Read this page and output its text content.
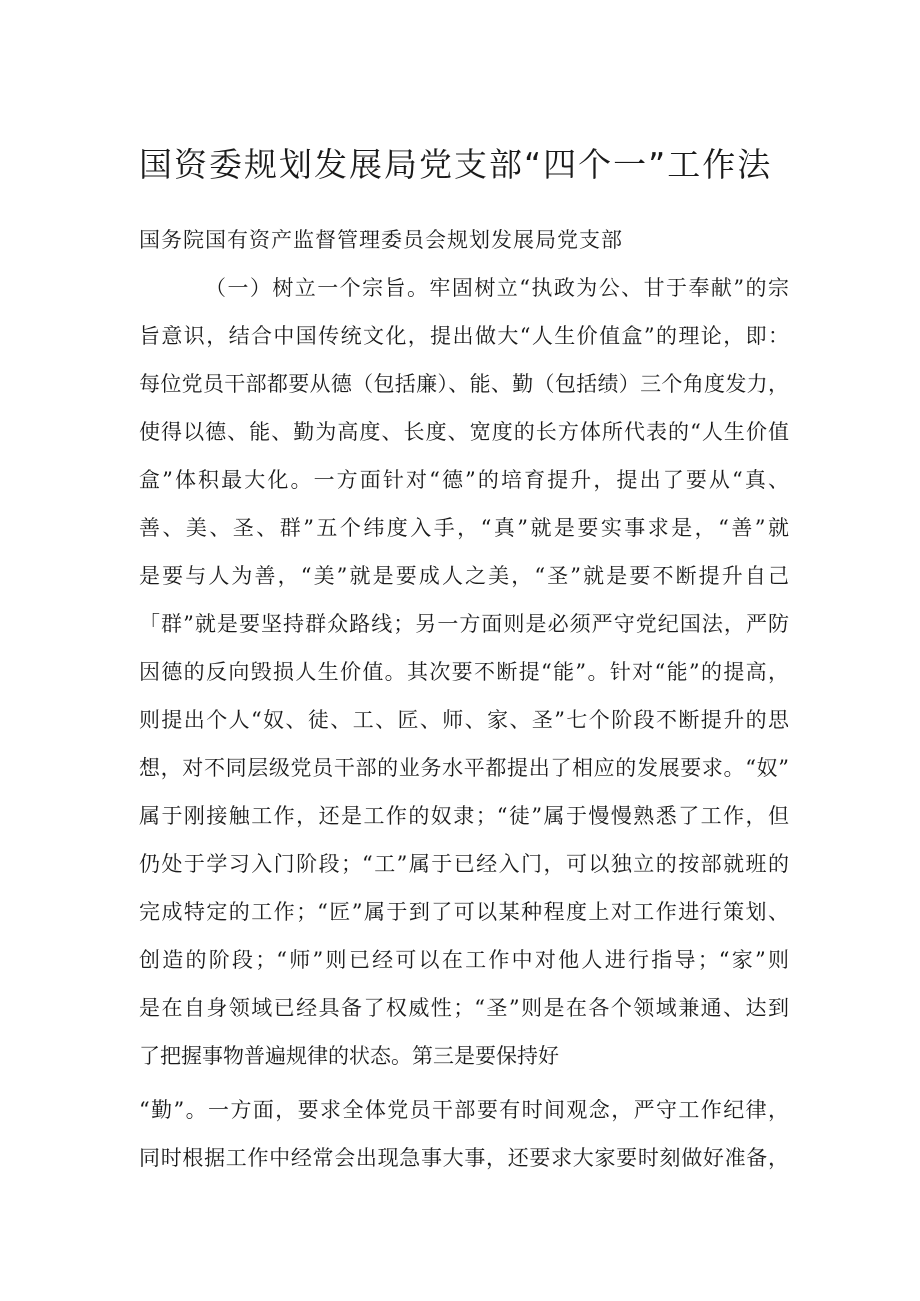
国资委规划发展局党支部“四个一”工作法
国务院国有资产监督管理委员会规划发展局党支部
（一）树立一个宗旨。牢固树立“执政为公、甘于奉献”的宗
旨意识，结合中国传统文化，提出做大“人生价值盒”的理论，即：
每位党员干部都要从德（包括廉）、能、勤（包括绩）三个角度发力，
使得以德、能、勤为高度、长度、宽度的长方体所代表的“人生价值
盒”体积最大化。一方面针对“德”的培育提升，提出了要从“真、
善、美、圣、群”五个纬度入手，“真”就是要实事求是，“善”就
是要与人为善，“美”就是要成人之美，“圣”就是要不断提升自己
「群”就是要坚持群众路线；另一方面则是必须严守党纪国法，严防
因德的反向毁损人生价值。其次要不断提“能”。针对“能”的提高，
则提出个人“奴、徒、工、匠、师、家、圣”七个阶段不断提升的思
想，对不同层级党员干部的业务水平都提出了相应的发展要求。“奴”
属于刚接触工作，还是工作的奴隶；“徒”属于慢慢熟悉了工作，但
仍处于学习入门阶段；“工”属于已经入门，可以独立的按部就班的
完成特定的工作；“匠”属于到了可以某种程度上对工作进行策划、
创造的阶段；“师”则已经可以在工作中对他人进行指导；“家”则
是在自身领域已经具备了权威性；“圣”则是在各个领域兼通、达到
了把握事物普遍规律的状态。第三是要保持好
“勤”。一方面，要求全体党员干部要有时间观念，严守工作纪律，
同时根据工作中经常会出现急事大事，还要求大家要时刻做好准备，
